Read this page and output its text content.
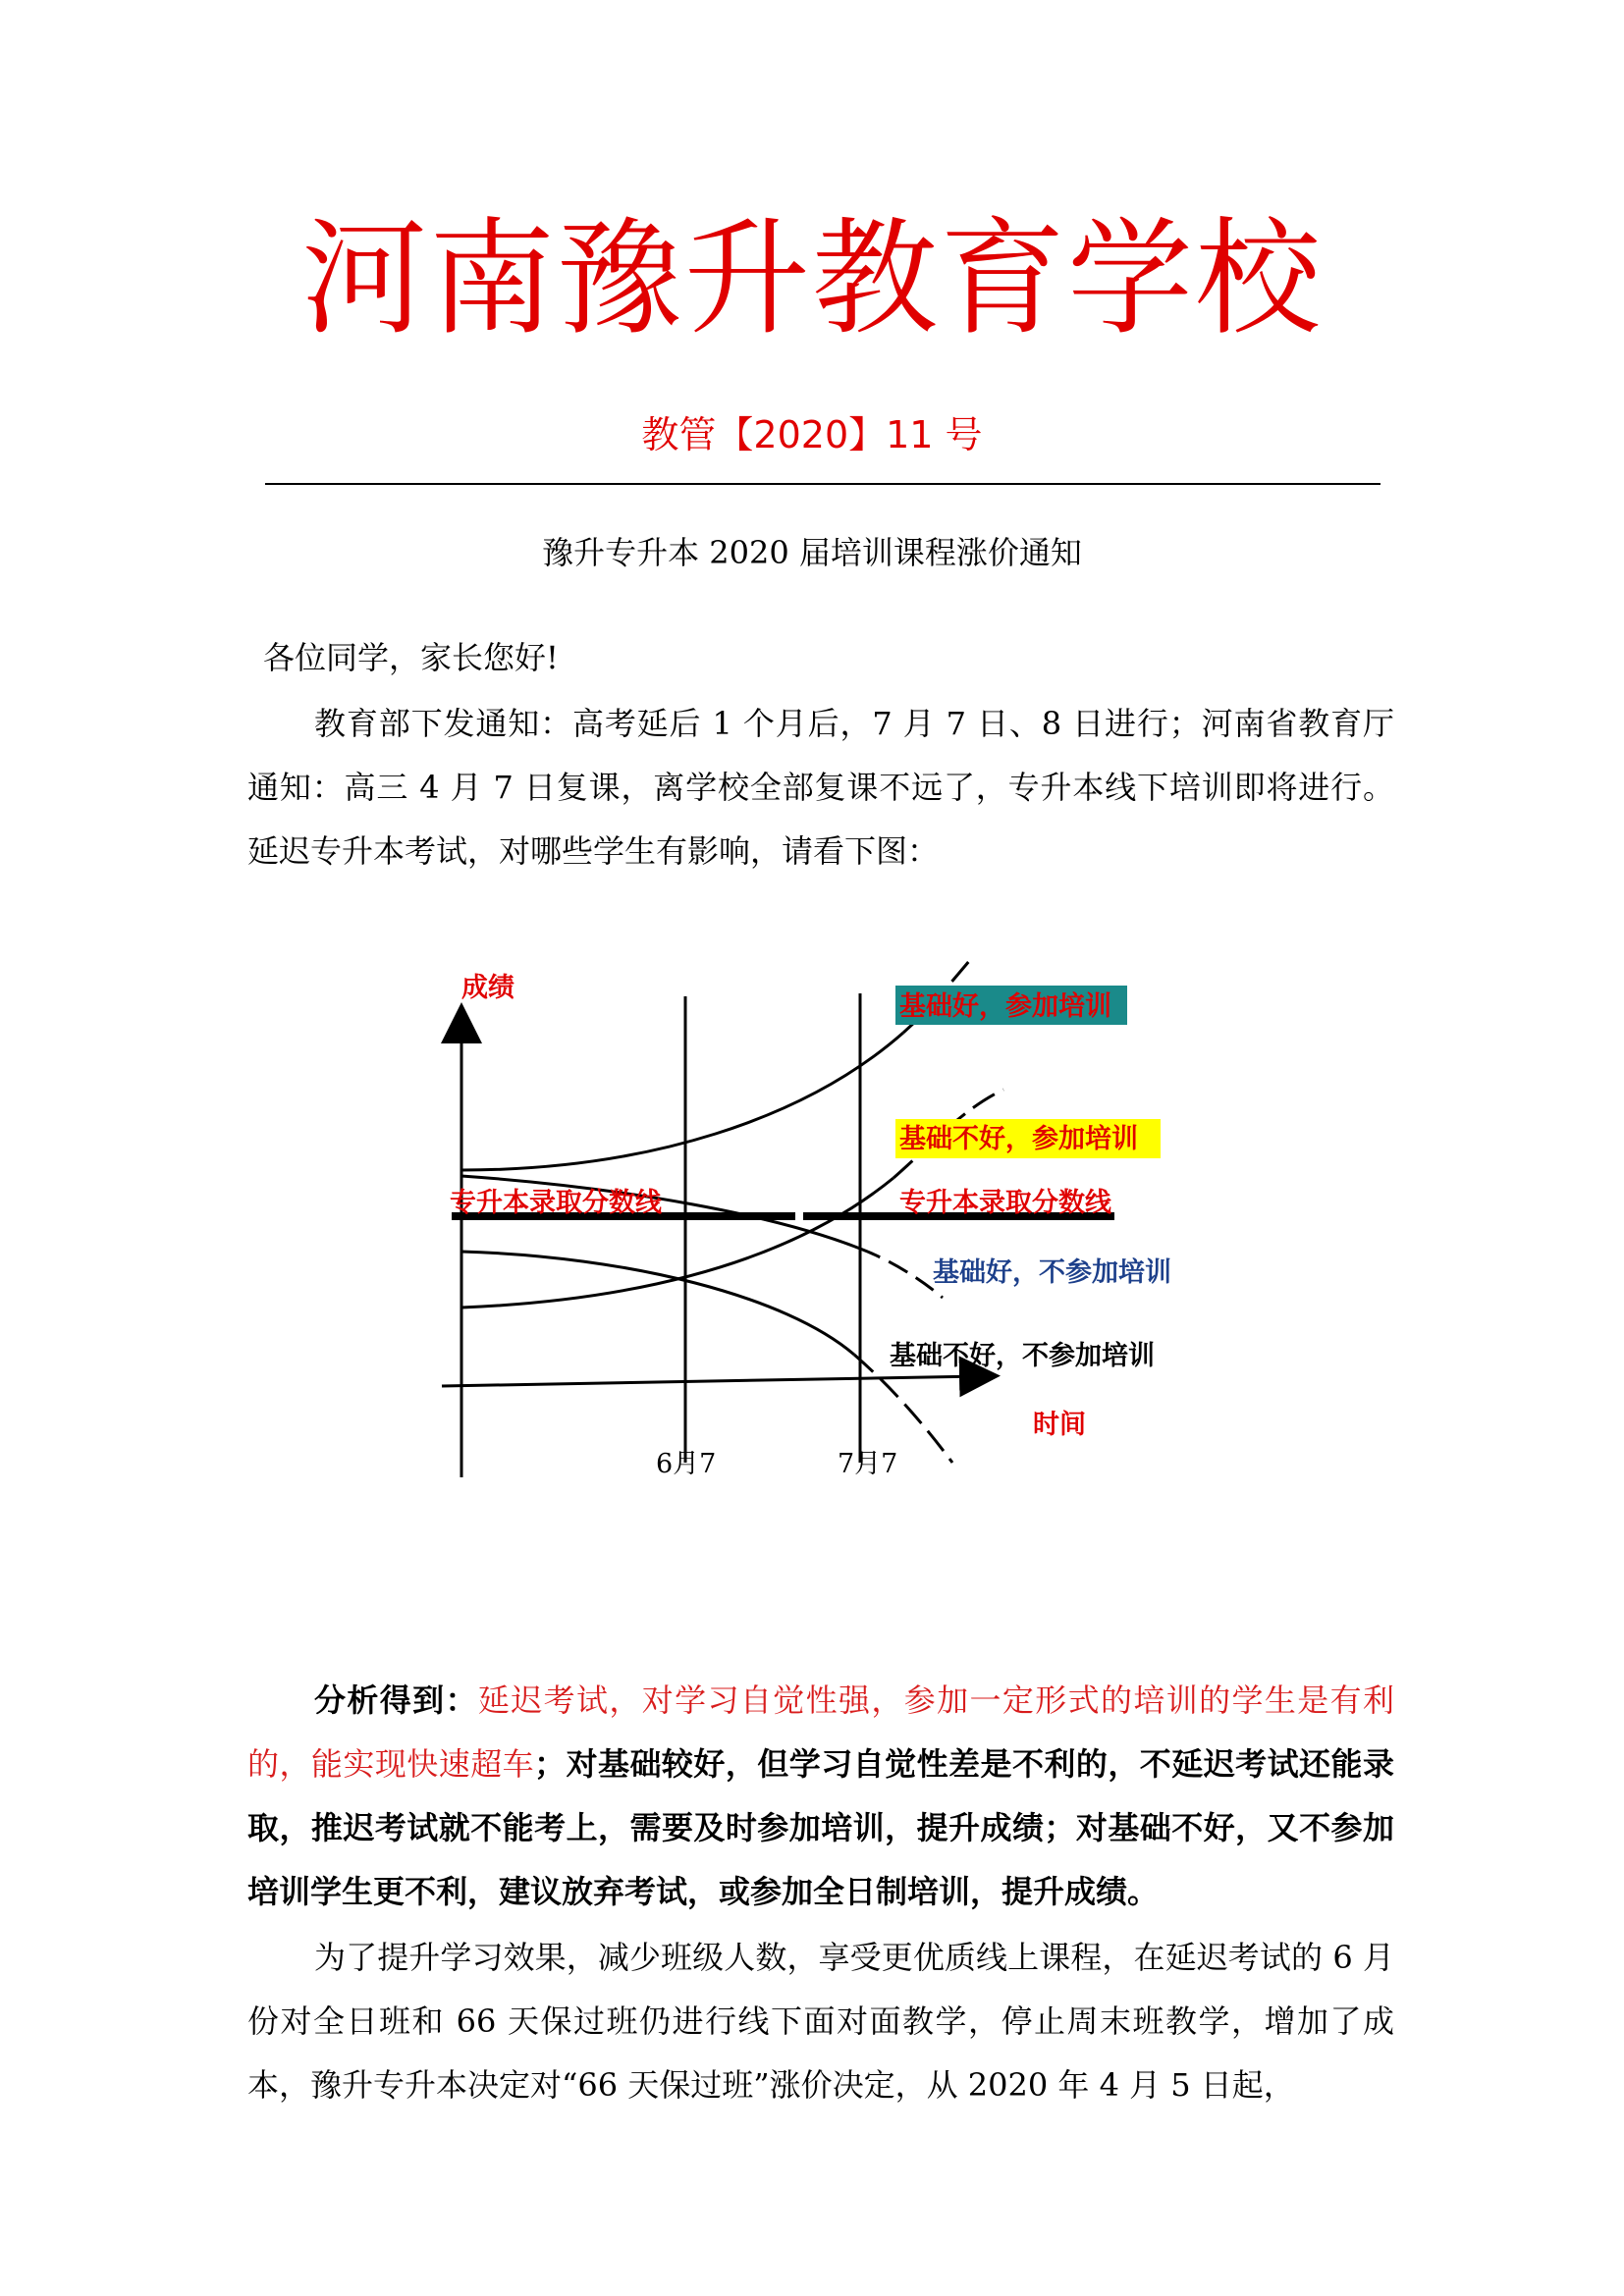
河南豫升教育学校
教管【2020】11 号
豫升专升本 2020 届培训课程涨价通知
各位同学，家长您好!
教育部下发通知：高考延后 1 个月后，7 月 7 日、8 日进行；河南省教育厅通知：高三 4 月 7 日复课，离学校全部复课不远了，专升本线下培训即将进行。延迟专升本考试，对哪些学生有影响，请看下图：
成绩
时间
6月7	7月7
专升本录取分数线	专升本录取分数线
基础好，参加培训
基础不好，参加培训
基础好，不参加培训
基础不好，不参加培训
分析得到：延迟考试，对学习自觉性强，参加一定形式的培训的学生是有利的，能实现快速超车；对基础较好，但学习自觉性差是不利的，不延迟考试还能录取，推迟考试就不能考上，需要及时参加培训，提升成绩；对基础不好，又不参加培训学生更不利，建议放弃考试，或参加全日制培训，提升成绩。
为了提升学习效果，减少班级人数，享受更优质线上课程，在延迟考试的 6 月份对全日班和 66 天保过班仍进行线下面对面教学，停止周末班教学，增加了成本，豫升专升本决定对“66 天保过班”涨价决定，从 2020 年 4 月 5 日起，
